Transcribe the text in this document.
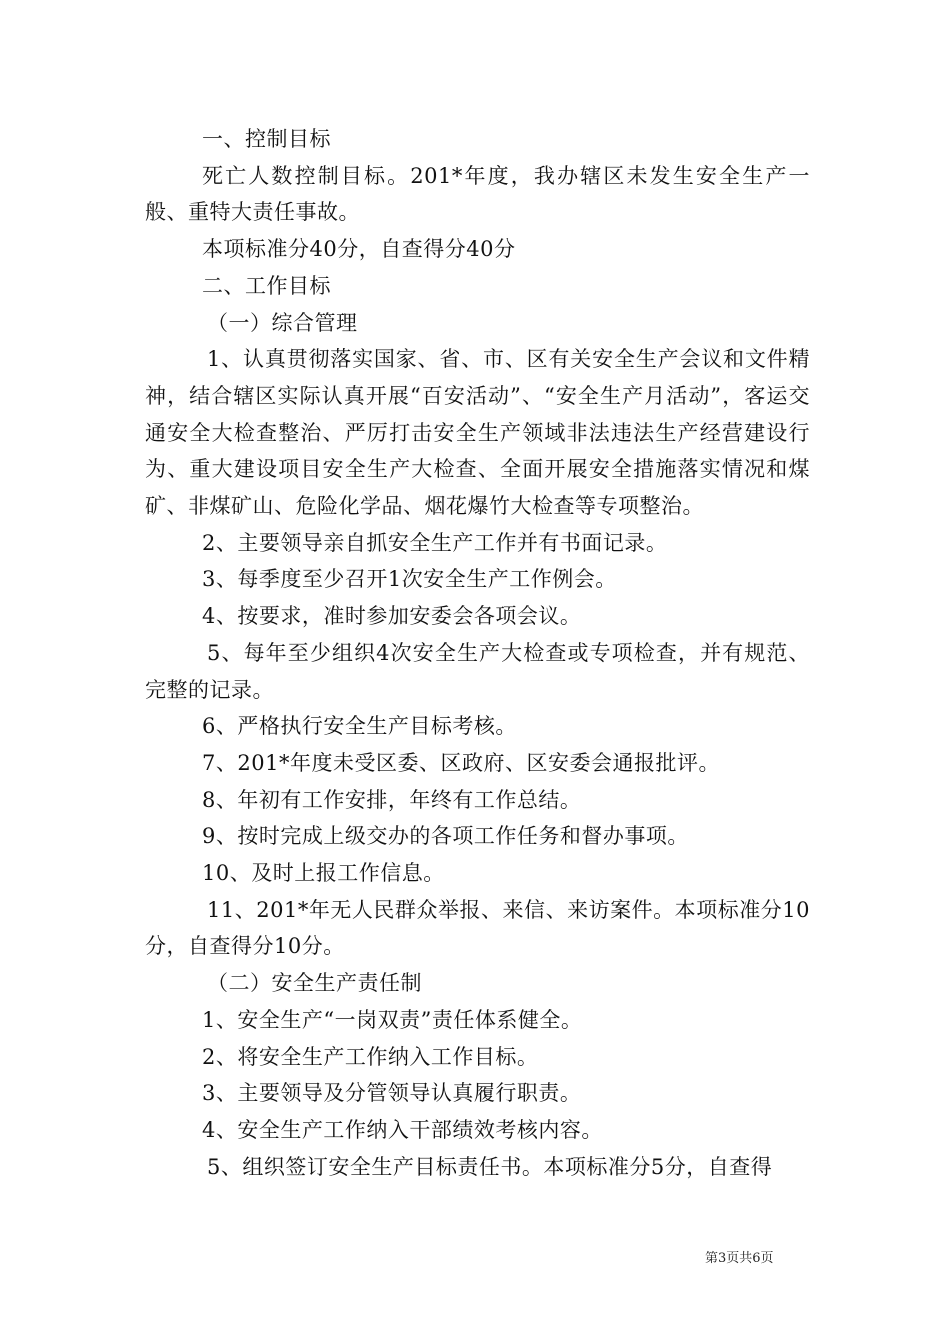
一、控制目标

死亡人数控制目标。201*年度，我办辖区未发生安全生产一般、重特大责任事故。

本项标准分40分，自查得分40分

二、工作目标

（一）综合管理

1、认真贯彻落实国家、省、市、区有关安全生产会议和文件精神，结合辖区实际认真开展“百安活动”、“安全生产月活动”，客运交通安全大检查整治、严厉打击安全生产领域非法违法生产经营建设行为、重大建设项目安全生产大检查、全面开展安全措施落实情况和煤矿、非煤矿山、危险化学品、烟花爆竹大检查等专项整治。

2、主要领导亲自抓安全生产工作并有书面记录。

3、每季度至少召开1次安全生产工作例会。

4、按要求，准时参加安委会各项会议。

5、每年至少组织4次安全生产大检查或专项检查，并有规范、完整的记录。

6、严格执行安全生产目标考核。

7、201*年度未受区委、区政府、区安委会通报批评。

8、年初有工作安排，年终有工作总结。

9、按时完成上级交办的各项工作任务和督办事项。

10、及时上报工作信息。

11、201*年无人民群众举报、来信、来访案件。本项标准分10分，自查得分10分。

（二）安全生产责任制

1、安全生产“一岗双责”责任体系健全。

2、将安全生产工作纳入工作目标。

3、主要领导及分管领导认真履行职责。

4、安全生产工作纳入干部绩效考核内容。

5、组织签订安全生产目标责任书。本项标准分5分，自查得

第3页共6页
